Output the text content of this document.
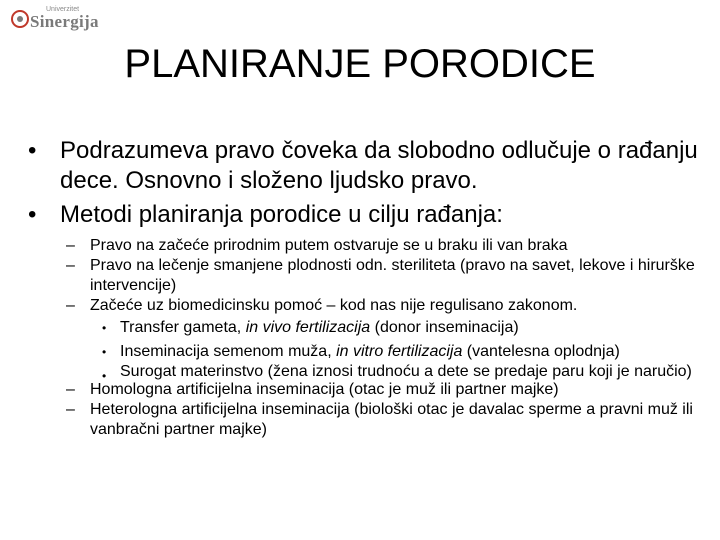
Univerzitet
Sinergija
PLANIRANJE PORODICE
• Podrazumeva pravo čoveka da slobodno odlučuje o rađanju dece. Osnovno i složeno ljudsko pravo.
• Metodi planiranja porodice u cilju rađanja:
– Pravo na začeće prirodnim putem ostvaruje se u braku ili van braka
– Pravo na lečenje smanjene plodnosti odn. steriliteta (pravo na savet, lekove i hirurške intervencije)
– Začeće uz biomedicinsku pomoć – kod nas nije regulisano zakonom.
• Transfer gameta, in vivo fertilizacija (donor inseminacija)
• Inseminacija semenom muža, in vitro fertilizacija (vantelesna oplodnja)
• Surogat materinstvo (žena iznosi trudnoću a dete se predaje paru koji je naručio)
– Homologna artificijelna inseminacija (otac je muž ili partner majke)
– Heterologna artificijelna inseminacija (biološki otac je davalac sperme a pravni muž ili vanbračni partner majke)
